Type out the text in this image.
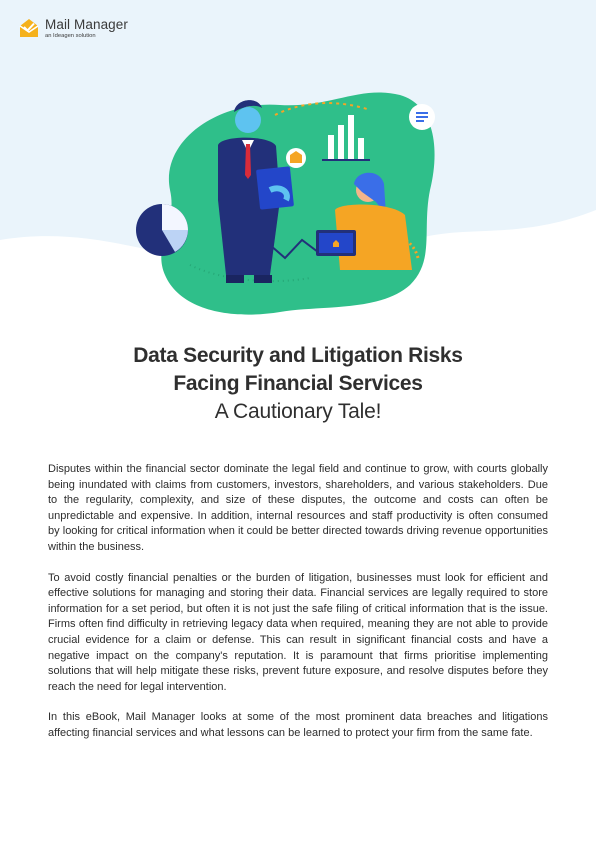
Mail Manager
an Ideagen solution
Data Security and Litigation Risks
Facing Financial Services
A Cautionary Tale!

Disputes within the financial sector dominate the legal field and continue to grow, with courts globally being inundated with claims from customers, investors, shareholders, and various stakeholders. Due to the regularity, complexity, and size of these disputes, the outcome and costs can often be unpredictable and expensive. In addition, internal resources and staff productivity is often consumed by looking for critical information when it could be better directed towards driving revenue opportunities within the business.

To avoid costly financial penalties or the burden of litigation, businesses must look for efficient and effective solutions for managing and storing their data. Financial services are legally required to store information for a set period, but often it is not just the safe filing of critical information that is the issue. Firms often find difficulty in retrieving legacy data when required, meaning they are not able to provide crucial evidence for a claim or defense. This can result in significant financial costs and have a negative impact on the company's reputation. It is paramount that firms prioritise implementing solutions that will help mitigate these risks, prevent future exposure, and resolve disputes before they reach the need for legal intervention.

In this eBook, Mail Manager looks at some of the most prominent data breaches and litigations affecting financial services and what lessons can be learned to protect your firm from the same fate.
